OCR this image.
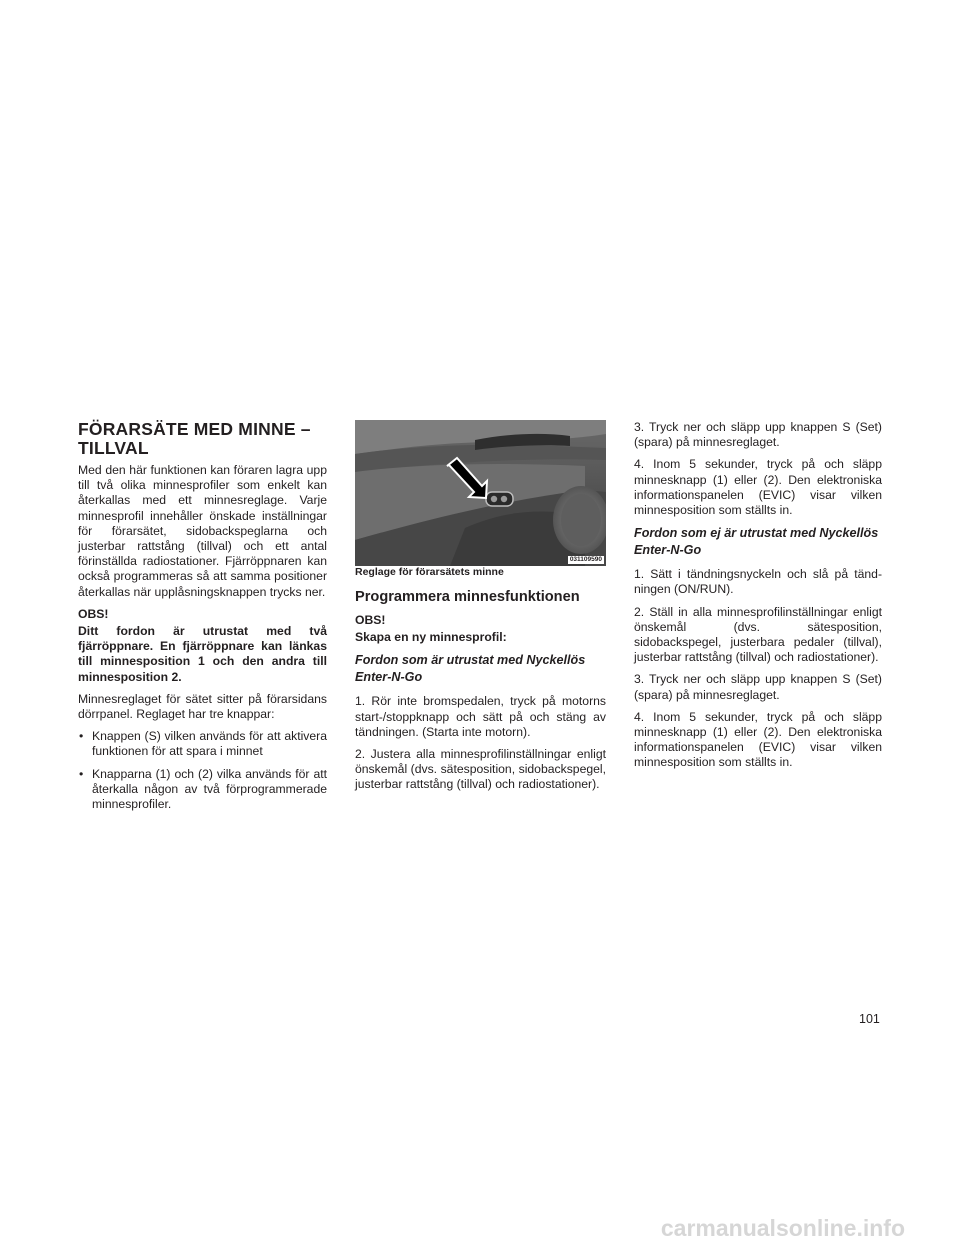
FÖRARSÄTE MED MINNE –
TILLVAL

Med den här funktionen kan föraren lagra upp till två olika minnesprofiler som enkelt kan återkallas med ett minnesreglage. Varje minnesprofil innehåller önskade inställningar för förarsätet, sidobackspeglarna och justerbar rattstång (tillval) och ett antal förinställda radiostationer. Fjärröppnaren kan också programmeras så att samma positioner återkallas när upplåsningsknappen trycks ner.

OBS!

Ditt fordon är utrustat med två fjärröppnare. En fjärröppnare kan länkas till minnesposition 1 och den andra till minnesposition 2.

Minnesreglaget för sätet sitter på förarsidans dörrpanel. Reglaget har tre knappar:

• Knappen (S) vilken används för att aktivera funktionen för att spara i minnet
• Knapparna (1) och (2) vilka används för att återkalla någon av två förprogrammerade minnesprofiler.
031109590

Reglage för förarsätets minne

Programmera minnesfunktionen

OBS!

Skapa en ny minnesprofil:

Fordon som är utrustat med Nyckellös
Enter-N-Go

1. Rör inte bromspedalen, tryck på motorns start-/stoppknapp och sätt på och stäng av tändningen. (Starta inte motorn).

2. Justera alla minnesprofilinställningar enligt önskemål (dvs. sätesposition, sidobackspegel, justerbar rattstång (tillval) och radiostationer).

3. Tryck ner och släpp upp knappen S (Set) (spara) på minnesreglaget.

4. Inom 5 sekunder, tryck på och släpp minnesknapp (1) eller (2). Den elektroniska informationspanelen (EVIC) visar vilken minnesposition som ställts in.

Fordon som ej är utrustat med Nyckellös
Enter-N-Go

1. Sätt i tändningsnyckeln och slå på tändningen (ON/RUN).

2. Ställ in alla minnesprofilinställningar enligt önskemål (dvs. sätesposition, sidobackspegel, justerbara pedaler (tillval), justerbar rattstång (tillval) och radiostationer).

3. Tryck ner och släpp upp knappen S (Set) (spara) på minnesreglaget.

4. Inom 5 sekunder, tryck på och släpp minnesknapp (1) eller (2). Den elektroniska informationspanelen (EVIC) visar vilken minnesposition som ställts in.

101
carmanualsonline.info
